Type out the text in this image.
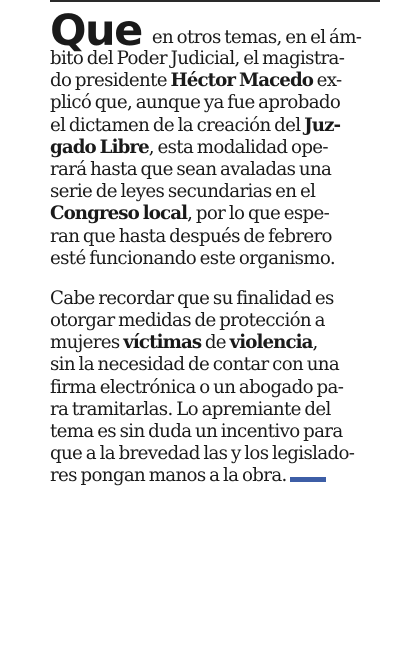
Que en otros temas, en el ám-
bito del Poder Judicial, el magistra-
do presidente Héctor Macedo ex-
plicó que, aunque ya fue aprobado
el dictamen de la creación del Juz-
gado Libre, esta modalidad ope-
rará hasta que sean avaladas una
serie de leyes secundarias en el
Congreso local, por lo que espe-
ran que hasta después de febrero
esté funcionando este organismo.
Cabe recordar que su finalidad es
otorgar medidas de protección a
mujeres víctimas de violencia,
sin la necesidad de contar con una
firma electrónica o un abogado pa-
ra tramitarlas. Lo apremiante del
tema es sin duda un incentivo para
que a la brevedad las y los legislado-
res pongan manos a la obra.
